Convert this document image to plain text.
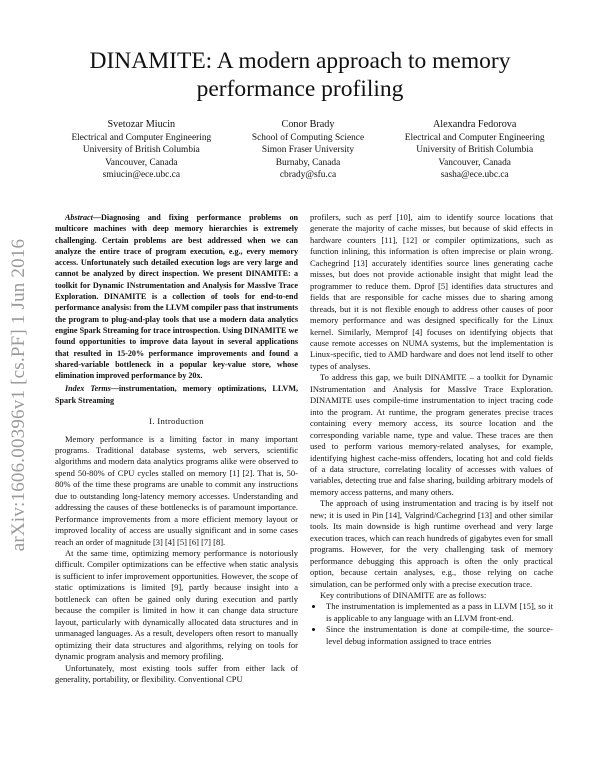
arXiv:1606.00396v1 [cs.PF] 1 Jun 2016
DINAMITE: A modern approach to memory performance profiling
Svetozar Miucin
Electrical and Computer Engineering
University of British Columbia
Vancouver, Canada
smiucin@ece.ubc.ca
Conor Brady
School of Computing Science
Simon Fraser University
Burnaby, Canada
cbrady@sfu.ca
Alexandra Fedorova
Electrical and Computer Engineering
University of British Columbia
Vancouver, Canada
sasha@ece.ubc.ca

Abstract—Diagnosing and fixing performance problems on multicore machines with deep memory hierarchies is extremely challenging. Certain problems are best addressed when we can analyze the entire trace of program execution, e.g., every memory access. Unfortunately such detailed execution logs are very large and cannot be analyzed by direct inspection. We present DINAMITE: a toolkit for Dynamic INstrumentation and Analysis for MassIve Trace Exploration. DINAMITE is a collection of tools for end-to-end performance analysis: from the LLVM compiler pass that instruments the program to plug-and-play tools that use a modern data analytics engine Spark Streaming for trace introspection. Using DINAMITE we found opportunities to improve data layout in several applications that resulted in 15-20% performance improvements and found a shared-variable bottleneck in a popular key-value store, whose elimination improved performance by 20x.

Index Terms—instrumentation, memory optimizations, LLVM, Spark Streaming

I. Introduction

Memory performance is a limiting factor in many important programs. Traditional database systems, web servers, scientific algorithms and modern data analytics programs alike were observed to spend 50-80% of CPU cycles stalled on memory [1] [2]. That is, 50-80% of the time these programs are unable to commit any instructions due to outstanding long-latency memory accesses. Understanding and addressing the causes of these bottlenecks is of paramount importance. Performance improvements from a more efficient memory layout or improved locality of access are usually significant and in some cases reach an order of magnitude [3] [4] [5] [6] [7] [8].

At the same time, optimizing memory performance is notoriously difficult. Compiler optimizations can be effective when static analysis is sufficient to infer improvement opportunities. However, the scope of static optimizations is limited [9], partly because insight into a bottleneck can often be gained only during execution and partly because the compiler is limited in how it can change data structure layout, particularly with dynamically allocated data structures and in unmanaged languages. As a result, developers often resort to manually optimizing their data structures and algorithms, relying on tools for dynamic program analysis and memory profiling.

Unfortunately, most existing tools suffer from either lack of generality, portability, or flexibility. Conventional CPU

profilers, such as perf [10], aim to identify source locations that generate the majority of cache misses, but because of skid effects in hardware counters [11], [12] or compiler optimizations, such as function inlining, this information is often imprecise or plain wrong. Cachegrind [13] accurately identifies source lines generating cache misses, but does not provide actionable insight that might lead the programmer to reduce them. Dprof [5] identifies data structures and fields that are responsible for cache misses due to sharing among threads, but it is not flexible enough to address other causes of poor memory performance and was designed specifically for the Linux kernel. Similarly, Memprof [4] focuses on identifying objects that cause remote accesses on NUMA systems, but the implementation is Linux-specific, tied to AMD hardware and does not lend itself to other types of analyses.

To address this gap, we built DINAMITE – a toolkit for Dynamic INstrumentation and Analysis for MassIve Trace Exploration. DINAMITE uses compile-time instrumentation to inject tracing code into the program. At runtime, the program generates precise traces containing every memory access, its source location and the corresponding variable name, type and value. These traces are then used to perform various memory-related analyses, for example, identifying highest cache-miss offenders, locating hot and cold fields of a data structure, correlating locality of accesses with values of variables, detecting true and false sharing, building arbitrary models of memory access patterns, and many others.

The approach of using instrumentation and tracing is by itself not new; it is used in Pin [14], Valgrind/Cachegrind [13] and other similar tools. Its main downside is high runtime overhead and very large execution traces, which can reach hundreds of gigabytes even for small programs. However, for the very challenging task of memory performance debugging this approach is often the only practical option, because certain analyses, e.g., those relying on cache simulation, can be performed only with a precise execution trace.

Key contributions of DINAMITE are as follows:

• The instrumentation is implemented as a pass in LLVM [15], so it is applicable to any language with an LLVM front-end.
• Since the instrumentation is done at compile-time, the source-level debug information assigned to trace entries
